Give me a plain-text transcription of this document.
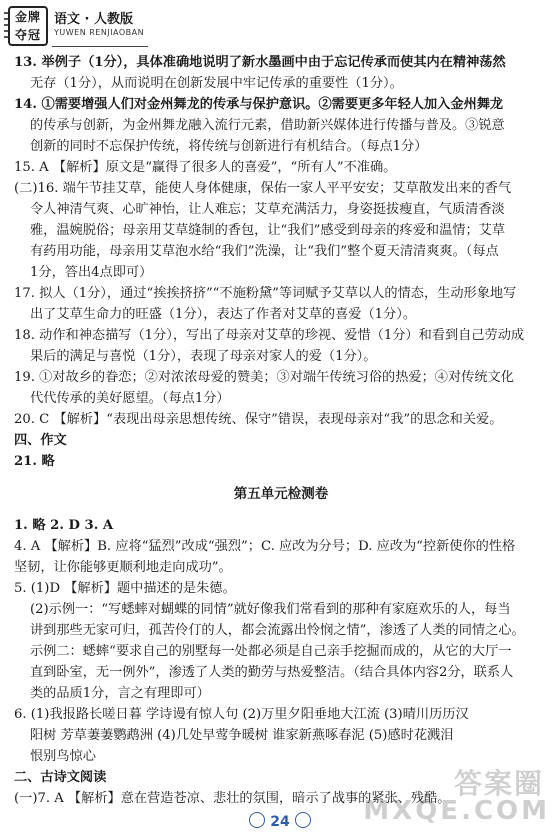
金牌
夺冠
语文 · 人教版
YUWEN RENJIAOBAN

13. 举例子（1分），具体准确地说明了新水墨画中由于忘记传承而使其内在精神荡然

无存（1分），从而说明在创新发展中牢记传承的重要性（1分）。

14. ①需要增强人们对金州舞龙的传承与保护意识。②需要更多年轻人加入金州舞龙

的传承与创新，为金州舞龙融入流行元素，借助新兴媒体进行传播与普及。③锐意

创新的同时不忘保护传统，将传统与创新进行有机结合。（每点1分）

15. A 【解析】原文是“赢得了很多人的喜爱”，“所有人”不准确。

(二)16. 端午节挂艾草，能使人身体健康，保佑一家人平平安安；艾草散发出来的香气

令人神清气爽、心旷神怡，让人难忘；艾草充满活力，身姿挺拔瘦直，气质清香淡

雅，温婉脱俗；母亲用艾草缝制的香包，让“我们”感受到母亲的疼爱和温情；艾草

有药用功能，母亲用艾草泡水给“我们”洗澡，让“我们”整个夏天清清爽爽。（每点

1分，答出4点即可）

17. 拟人（1分），通过“挨挨挤挤”“不施粉黛”等词赋予艾草以人的情态，生动形象地写

出了艾草生命力的旺盛（1分），表达了作者对艾草的喜爱（1分）。

18. 动作和神态描写（1分），写出了母亲对艾草的珍视、爱惜（1分）和看到自己劳动成

果后的满足与喜悦（1分），表现了母亲对家人的爱（1分）。

19. ①对故乡的眷恋；②对浓浓母爱的赞美；③对端午传统习俗的热爱；④对传统文化

代代传承的美好愿望。（每点1分）

20. C 【解析】“表现出母亲思想传统、保守”错误，表现母亲对“我”的思念和关爱。

四、作文

21. 略

第五单元检测卷

1. 略 2. D 3. A

4. A 【解析】B. 应将“猛烈”改成“强烈”；C. 应改为分号；D. 应改为“控新使你的性格

坚韧，让你能够更顺利地走向成功”。

5. (1)D 【解析】题中描述的是朱德。

(2)示例一：“写蟋蟀对蝴蝶的同情”就好像我们常看到的那种有家庭欢乐的人，每当

讲到那些无家可归，孤苦伶仃的人，都会流露出怜悯之情”，渗透了人类的同情之心。

示例二：蟋蟀“要求自己的别墅每一处都必须是自己亲手挖掘而成的，从它的大厅一

直到卧室，无一例外”，渗透了人类的勤劳与热爱整洁。（结合具体内容2分，联系人

类的品质1分，言之有理即可）

6. (1)我报路长嗟日暮 学诗谩有惊人句 (2)万里夕阳垂地大江流 (3)晴川历历汉

阳树 芳草萋萋鹦鹉洲 (4)几处早莺争暖树 谁家新燕啄春泥 (5)感时花溅泪

恨别鸟惊心

二、古诗文阅读

(一)7. A 【解析】意在营造苍凉、悲壮的氛围，暗示了战事的紧张、残酷。

24
答案圈
MXQE.COM
